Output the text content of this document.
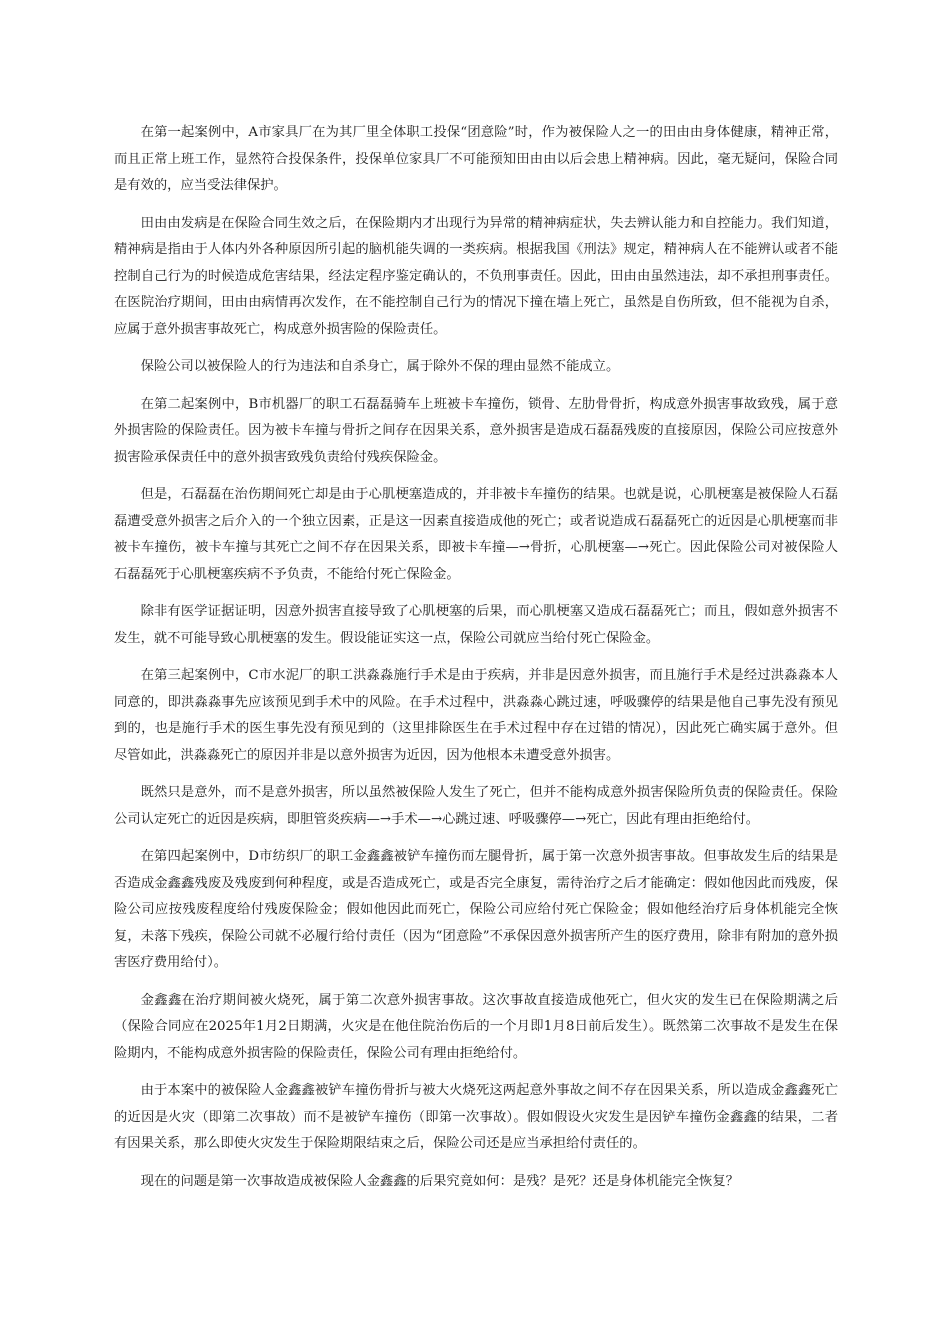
在第一起案例中，A市家具厂在为其厂里全体职工投保“团意险”时，作为被保险人之一的田由由身体健康，精神正常，而且正常上班工作，显然符合投保条件，投保单位家具厂不可能预知田由由以后会患上精神病。因此，毫无疑问，保险合同是有效的，应当受法律保护。

田由由发病是在保险合同生效之后，在保险期内才出现行为异常的精神病症状，失去辨认能力和自控能力。我们知道，精神病是指由于人体内外各种原因所引起的脑机能失调的一类疾病。根据我国《刑法》规定，精神病人在不能辨认或者不能控制自己行为的时候造成危害结果，经法定程序鉴定确认的，不负刑事责任。因此，田由由虽然违法，却不承担刑事责任。在医院治疗期间，田由由病情再次发作，在不能控制自己行为的情况下撞在墙上死亡，虽然是自伤所致，但不能视为自杀，应属于意外损害事故死亡，构成意外损害险的保险责任。

保险公司以被保险人的行为违法和自杀身亡，属于除外不保的理由显然不能成立。

在第二起案例中，B市机器厂的职工石磊磊骑车上班被卡车撞伤，锁骨、左肋骨骨折，构成意外损害事故致残，属于意外损害险的保险责任。因为被卡车撞与骨折之间存在因果关系，意外损害是造成石磊磊残废的直接原因，保险公司应按意外损害险承保责任中的意外损害致残负责给付残疾保险金。

但是，石磊磊在治伤期间死亡却是由于心肌梗塞造成的，并非被卡车撞伤的结果。也就是说，心肌梗塞是被保险人石磊磊遭受意外损害之后介入的一个独立因素，正是这一因素直接造成他的死亡；或者说造成石磊磊死亡的近因是心肌梗塞而非被卡车撞伤，被卡车撞与其死亡之间不存在因果关系，即被卡车撞—→骨折，心肌梗塞—→死亡。因此保险公司对被保险人石磊磊死于心肌梗塞疾病不予负责，不能给付死亡保险金。

除非有医学证据证明，因意外损害直接导致了心肌梗塞的后果，而心肌梗塞又造成石磊磊死亡；而且，假如意外损害不发生，就不可能导致心肌梗塞的发生。假设能证实这一点，保险公司就应当给付死亡保险金。

在第三起案例中，C市水泥厂的职工洪淼淼施行手术是由于疾病，并非是因意外损害，而且施行手术是经过洪淼淼本人同意的，即洪淼淼事先应该预见到手术中的风险。在手术过程中，洪淼淼心跳过速，呼吸骤停的结果是他自己事先没有预见到的，也是施行手术的医生事先没有预见到的（这里排除医生在手术过程中存在过错的情况），因此死亡确实属于意外。但尽管如此，洪淼淼死亡的原因并非是以意外损害为近因，因为他根本未遭受意外损害。

既然只是意外，而不是意外损害，所以虽然被保险人发生了死亡，但并不能构成意外损害保险所负责的保险责任。保险公司认定死亡的近因是疾病，即胆管炎疾病—→手术—→心跳过速、呼吸骤停—→死亡，因此有理由拒绝给付。

在第四起案例中，D市纺织厂的职工金鑫鑫被铲车撞伤而左腿骨折，属于第一次意外损害事故。但事故发生后的结果是否造成金鑫鑫残废及残废到何种程度，或是否造成死亡，或是否完全康复，需待治疗之后才能确定：假如他因此而残废，保险公司应按残废程度给付残废保险金；假如他因此而死亡，保险公司应给付死亡保险金；假如他经治疗后身体机能完全恢复，未落下残疾，保险公司就不必履行给付责任（因为“团意险”不承保因意外损害所产生的医疗费用，除非有附加的意外损害医疗费用给付）。

金鑫鑫在治疗期间被火烧死，属于第二次意外损害事故。这次事故直接造成他死亡，但火灾的发生已在保险期满之后（保险合同应在2025年1月2日期满，火灾是在他住院治伤后的一个月即1月8日前后发生）。既然第二次事故不是发生在保险期内，不能构成意外损害险的保险责任，保险公司有理由拒绝给付。

由于本案中的被保险人金鑫鑫被铲车撞伤骨折与被大火烧死这两起意外事故之间不存在因果关系，所以造成金鑫鑫死亡的近因是火灾（即第二次事故）而不是被铲车撞伤（即第一次事故）。假如假设火灾发生是因铲车撞伤金鑫鑫的结果，二者有因果关系，那么即使火灾发生于保险期限结束之后，保险公司还是应当承担给付责任的。

现在的问题是第一次事故造成被保险人金鑫鑫的后果究竟如何：是残？是死？还是身体机能完全恢复？
